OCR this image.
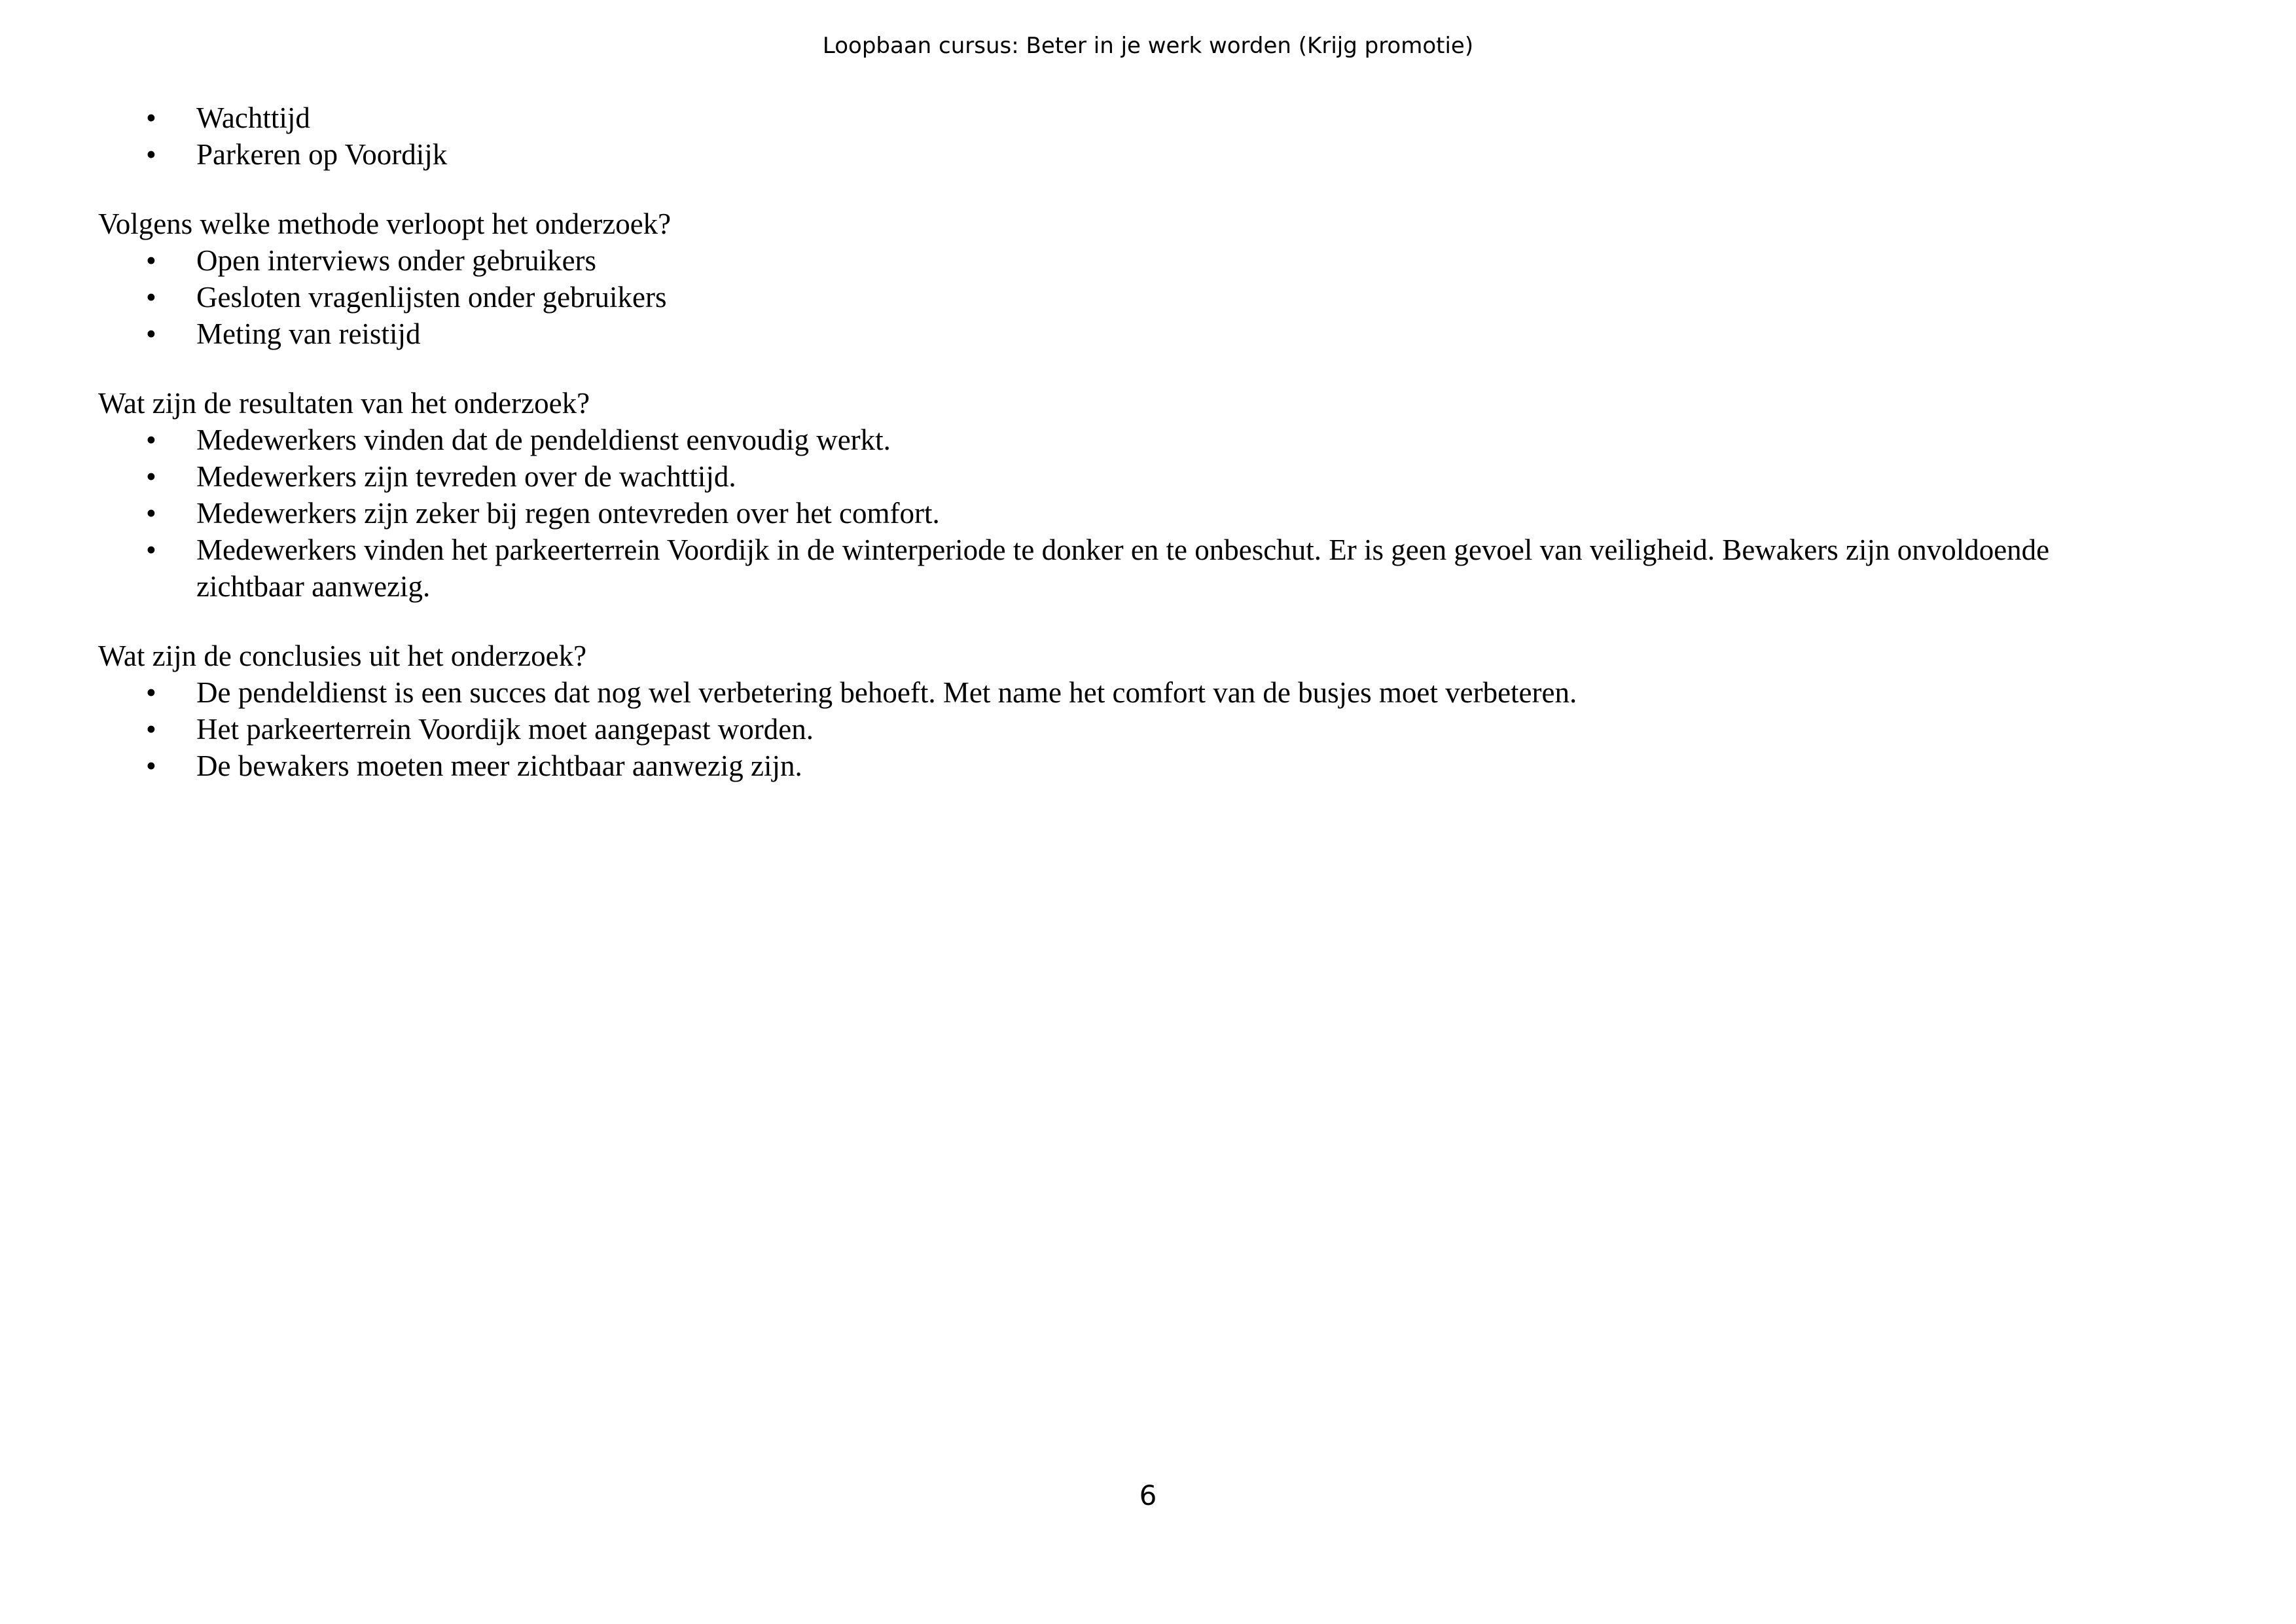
Loopbaan cursus: Beter in je werk worden (Krijg promotie)
• Wachttijd
• Parkeren op Voordijk

Volgens welke methode verloopt het onderzoek?

• Open interviews onder gebruikers
• Gesloten vragenlijsten onder gebruikers
• Meting van reistijd

Wat zijn de resultaten van het onderzoek?

• Medewerkers vinden dat de pendeldienst eenvoudig werkt.
• Medewerkers zijn tevreden over de wachttijd.
• Medewerkers zijn zeker bij regen ontevreden over het comfort.
• Medewerkers vinden het parkeerterrein Voordijk in de winterperiode te donker en te onbeschut. Er is geen gevoel van veiligheid. Bewakers zijn onvoldoende zichtbaar aanwezig.

Wat zijn de conclusies uit het onderzoek?

• De pendeldienst is een succes dat nog wel verbetering behoeft. Met name het comfort van de busjes moet verbeteren.
• Het parkeerterrein Voordijk moet aangepast worden.
• De bewakers moeten meer zichtbaar aanwezig zijn.
6
